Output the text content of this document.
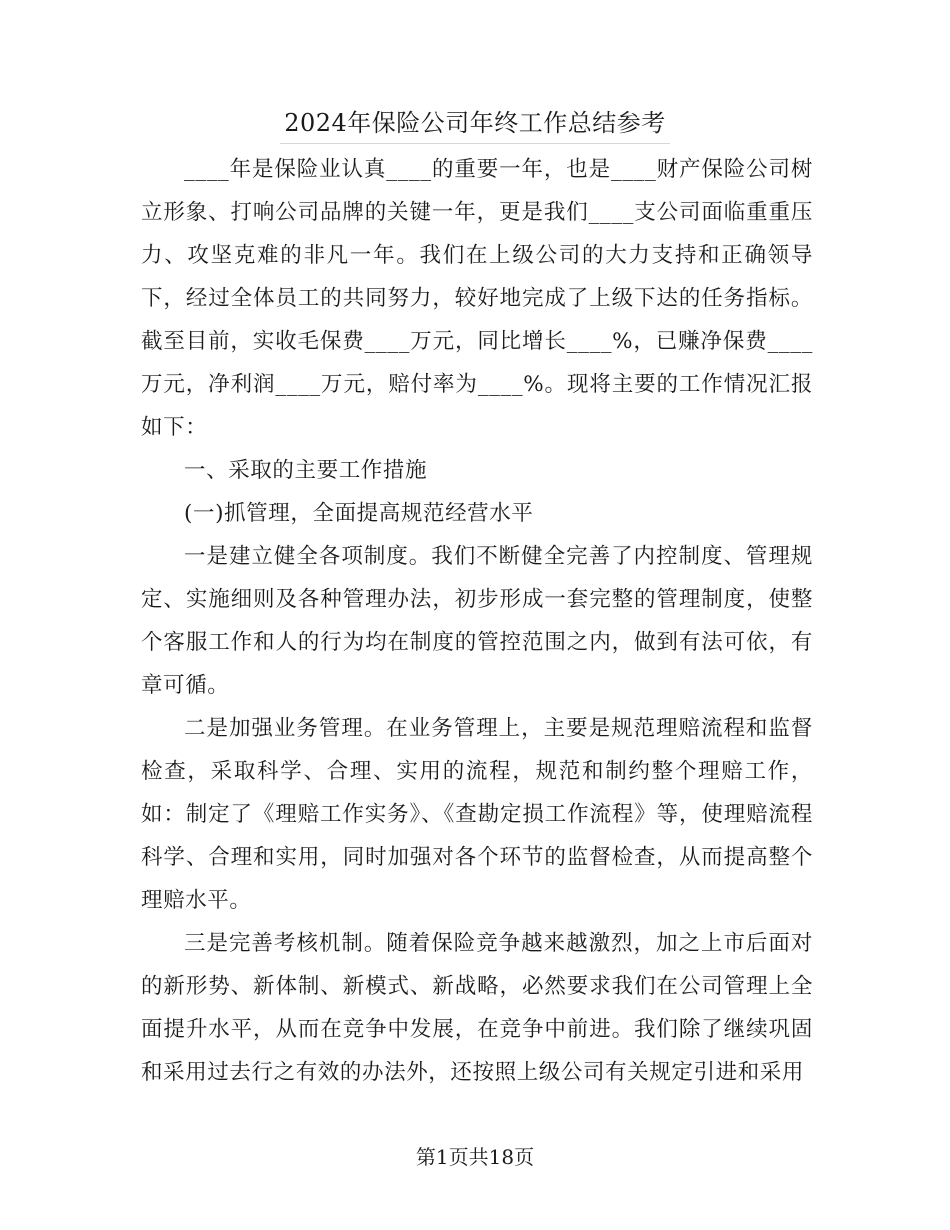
2024年保险公司年终工作总结参考

____年是保险业认真____的重要一年，也是____财产保险公司树立形象、打响公司品牌的关键一年，更是我们____支公司面临重重压力、攻坚克难的非凡一年。我们在上级公司的大力支持和正确领导下，经过全体员工的共同努力，较好地完成了上级下达的任务指标。截至目前，实收毛保费____万元，同比增长____%，已赚净保费____万元，净利润____万元，赔付率为____%。现将主要的工作情况汇报如下：

一、采取的主要工作措施

(一)抓管理，全面提高规范经营水平

一是建立健全各项制度。我们不断健全完善了内控制度、管理规定、实施细则及各种管理办法，初步形成一套完整的管理制度，使整个客服工作和人的行为均在制度的管控范围之内，做到有法可依，有章可循。

二是加强业务管理。在业务管理上，主要是规范理赔流程和监督检查，采取科学、合理、实用的流程，规范和制约整个理赔工作，如：制定了《理赔工作实务》、《查勘定损工作流程》等，使理赔流程科学、合理和实用，同时加强对各个环节的监督检查，从而提高整个理赔水平。

三是完善考核机制。随着保险竞争越来越激烈，加之上市后面对的新形势、新体制、新模式、新战略，必然要求我们在公司管理上全面提升水平，从而在竞争中发展，在竞争中前进。我们除了继续巩固和采用过去行之有效的办法外，还按照上级公司有关规定引进和采用

第1页共18页
